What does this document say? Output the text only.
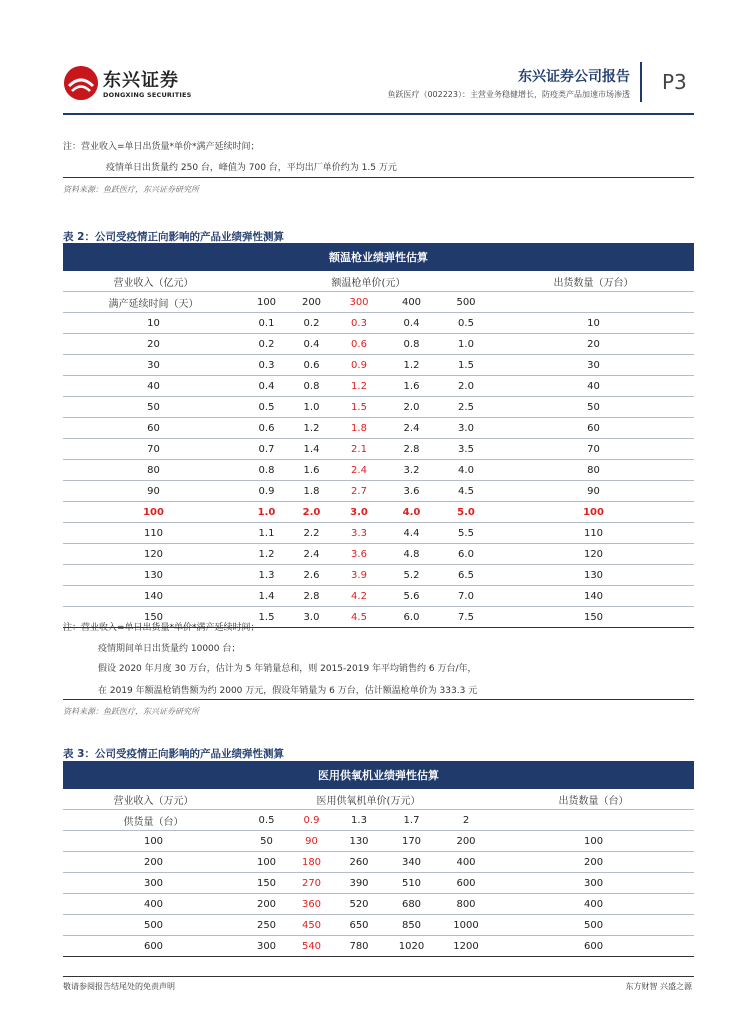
东兴证券
DONGXING SECURITIES
东兴证券公司报告
鱼跃医疗（002223）：主营业务稳健增长，防疫类产品加速市场渗透
P3
注：营业收入=单日出货量*单价*满产延续时间；
疫情单日出货量约 250 台，峰值为 700 台，平均出厂单价约为 1.5 万元
资料来源：鱼跃医疗，东兴证券研究所
表 2：公司受疫情正向影响的产品业绩弹性测算
额温枪业绩弹性估算						
营业收入（亿元）	额温枪单价(元）					出货数量（万台）
满产延续时间（天）	100	200	300	400	500	
10	0.1	0.2	0.3	0.4	0.5	10
20	0.2	0.4	0.6	0.8	1.0	20
30	0.3	0.6	0.9	1.2	1.5	30
40	0.4	0.8	1.2	1.6	2.0	40
50	0.5	1.0	1.5	2.0	2.5	50
60	0.6	1.2	1.8	2.4	3.0	60
70	0.7	1.4	2.1	2.8	3.5	70
80	0.8	1.6	2.4	3.2	4.0	80
90	0.9	1.8	2.7	3.6	4.5	90
100	1.0	2.0	3.0	4.0	5.0	100
110	1.1	2.2	3.3	4.4	5.5	110
120	1.2	2.4	3.6	4.8	6.0	120
130	1.3	2.6	3.9	5.2	6.5	130
140	1.4	2.8	4.2	5.6	7.0	140
150	1.5	3.0	4.5	6.0	7.5	150
注：营业收入=单日出货量*单价*满产延续时间；
疫情期间单日出货量约 10000 台；
假设 2020 年月度 30 万台，估计为 5 年销量总和，则 2015-2019 年平均销售约 6 万台/年，
在 2019 年额温枪销售额为约 2000 万元，假设年销量为 6 万台，估计额温枪单价为 333.3 元
资料来源：鱼跃医疗，东兴证券研究所
表 3：公司受疫情正向影响的产品业绩弹性测算
医用供氧机业绩弹性估算						
营业收入（万元）	医用供氧机单价(万元）					出货数量（台）
供货量（台）	0.5	0.9	1.3	1.7	2	
100	50	90	130	170	200	100
200	100	180	260	340	400	200
300	150	270	390	510	600	300
400	200	360	520	680	800	400
500	250	450	650	850	1000	500
600	300	540	780	1020	1200	600
敬请参阅报告结尾处的免责声明	东方财智 兴盛之源
